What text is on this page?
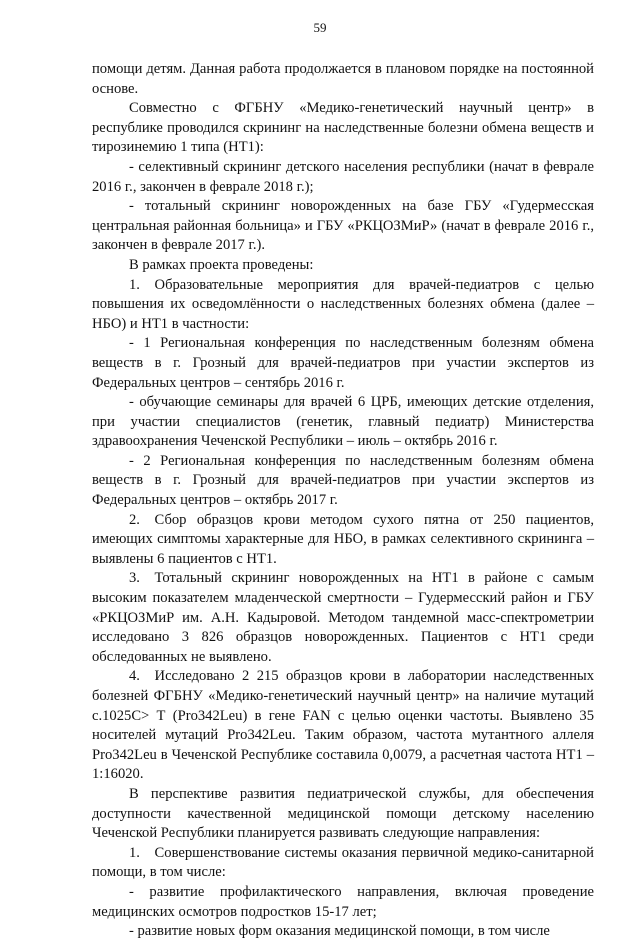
59

помощи детям. Данная работа продолжается в плановом порядке на постоянной основе.

Совместно с ФГБНУ «Медико-генетический научный центр» в республике проводился скрининг на наследственные болезни обмена веществ и тирозинемию 1 типа (НТ1):

- селективный скрининг детского населения республики (начат в феврале 2016 г., закончен в феврале 2018 г.);

- тотальный скрининг новорожденных на базе ГБУ «Гудермесская центральная районная больница» и ГБУ «РКЦОЗМиР» (начат в феврале 2016 г., закончен в феврале 2017 г.).

В рамках проекта проведены:

1. Образовательные мероприятия для врачей-педиатров с целью повышения их осведомлённости о наследственных болезнях обмена (далее – НБО) и НТ1 в частности:

- 1 Региональная конференция по наследственным болезням обмена веществ в г. Грозный для врачей-педиатров при участии экспертов из Федеральных центров – сентябрь 2016 г.

- обучающие семинары для врачей 6 ЦРБ, имеющих детские отделения, при участии специалистов (генетик, главный педиатр) Министерства здравоохранения Чеченской Республики – июль – октябрь 2016 г.

- 2 Региональная конференция по наследственным болезням обмена веществ в г. Грозный для врачей-педиатров при участии экспертов из Федеральных центров – октябрь 2017 г.

2. Сбор образцов крови методом сухого пятна от 250 пациентов, имеющих симптомы характерные для НБО, в рамках селективного скрининга – выявлены 6 пациентов с НТ1.

3. Тотальный скрининг новорожденных на НТ1 в районе с самым высоким показателем младенческой смертности – Гудермесский район и ГБУ «РКЦОЗМиР им. А.Н. Кадыровой. Методом тандемной масс-спектрометрии исследовано 3 826 образцов новорожденных. Пациентов с НТ1 среди обследованных не выявлено.

4. Исследовано 2 215 образцов крови в лаборатории наследственных болезней ФГБНУ «Медико-генетический научный центр» на наличие мутаций с.1025С> Т (Pro342Leu) в гене FAN с целью оценки частоты. Выявлено 35 носителей мутаций Pro342Leu. Таким образом, частота мутантного аллеля Pro342Leu в Чеченской Республике составила 0,0079, а расчетная частота НТ1 – 1:16020.

В перспективе развития педиатрической службы, для обеспечения доступности качественной медицинской помощи детскому населению Чеченской Республики планируется развивать следующие направления:

1. Совершенствование системы оказания первичной медико-санитарной помощи, в том числе:

- развитие профилактического направления, включая проведение медицинских осмотров подростков 15-17 лет;

- развитие новых форм оказания медицинской помощи, в том числе
